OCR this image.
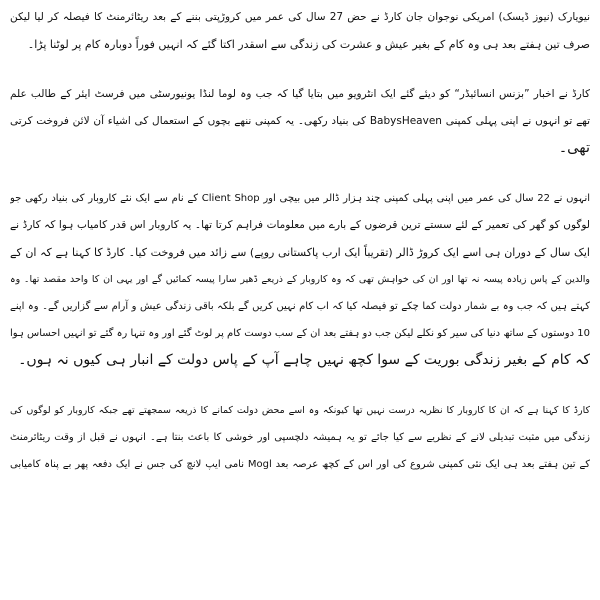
نیویارک (نیوز ڈیسک) امریکی نوجوان جان کارڈ نے حض 27 سال کی عمر میں کروڑپتی بننے کے بعد ریٹائرمنٹ کا فیصلہ کر لیا لیکن
صرف تین ہفتے بعد ہی وہ کام کے بغیر عیش و عشرت کی زندگی سے اسقدر اکتا گئے کہ انہیں فوراً دوبارہ کام پر لوٹنا پڑا۔
کارڈ نے اخبار ”بزنس انسائیڈر“ کو دیئے گئے ایک انٹرویو میں بتایا گیا کہ جب وہ لوما لنڈا یونیورسٹی میں فرسٹ ایئر کے طالب علم
تھے تو انہوں نے اپنی پہلی کمپنی BabysHeaven کی بنیاد رکھی۔ یہ کمپنی ننھے بچوں کے استعمال کی اشیاء آن لائن فروخت کرتی
تھی۔
انہوں نے 22 سال کی عمر میں اپنی پہلی کمپنی چند ہزار ڈالر میں بیچی اور Client Shop کے نام سے ایک نئے کاروبار کی بنیاد رکھی جو
لوگوں کو گھر کی تعمیر کے لئے سستے ترین قرضوں کے بارے میں معلومات فراہم کرتا تھا۔ یہ کاروبار اس قدر کامیاب ہوا کہ کارڈ نے
ایک سال کے دوران ہی اسے ایک کروڑ ڈالر (تقریباً ایک ارب پاکستانی روپے) سے زائد میں فروخت کیا۔ کارڈ کا کہنا ہے کہ ان کے
والدین کے پاس زیادہ پیسہ نہ تھا اور ان کی خواہش تھی کہ وہ کاروبار کے ذریعے ڈھیر سارا پیسہ کمائیں گے اور یہی ان کا واحد مقصد تھا۔ وہ
کہتے ہیں کہ جب وہ بے شمار دولت کما چکے تو فیصلہ کیا کہ اب کام نہیں کریں گے بلکہ باقی زندگی عیش و آرام سے گزاریں گے۔ وہ اپنے
10 دوستوں کے ساتھ دنیا کی سیر کو نکلے لیکن جب دو ہفتے بعد ان کے سب دوست کام پر لوٹ گئے اور وہ تنہا رہ گئے تو انہیں احساس ہوا
کہ کام کے بغیر زندگی بوریت کے سوا کچھ نہیں چاہے آپ کے پاس دولت کے انبار ہی کیوں نہ ہوں۔
کارڈ کا کہنا ہے کہ ان کا کاروبار کا نظریہ درست نہیں تھا کیونکہ وہ اسے محض دولت کمانے کا ذریعہ سمجھتے تھے جبکہ کاروبار کو لوگوں کی
زندگی میں مثبت تبدیلی لانے کے نظریے سے کیا جائے تو یہ ہمیشہ دلچسپی اور خوشی کا باعث بنتا ہے۔ انہوں نے قبل از وقت ریٹائرمنٹ
کے تین ہفتے بعد ہی ایک نئی کمپنی شروع کی اور اس کے کچھ عرصہ بعد Mogl نامی ایپ لانچ کی جس نے ایک دفعہ پھر بے پناہ کامیابی
